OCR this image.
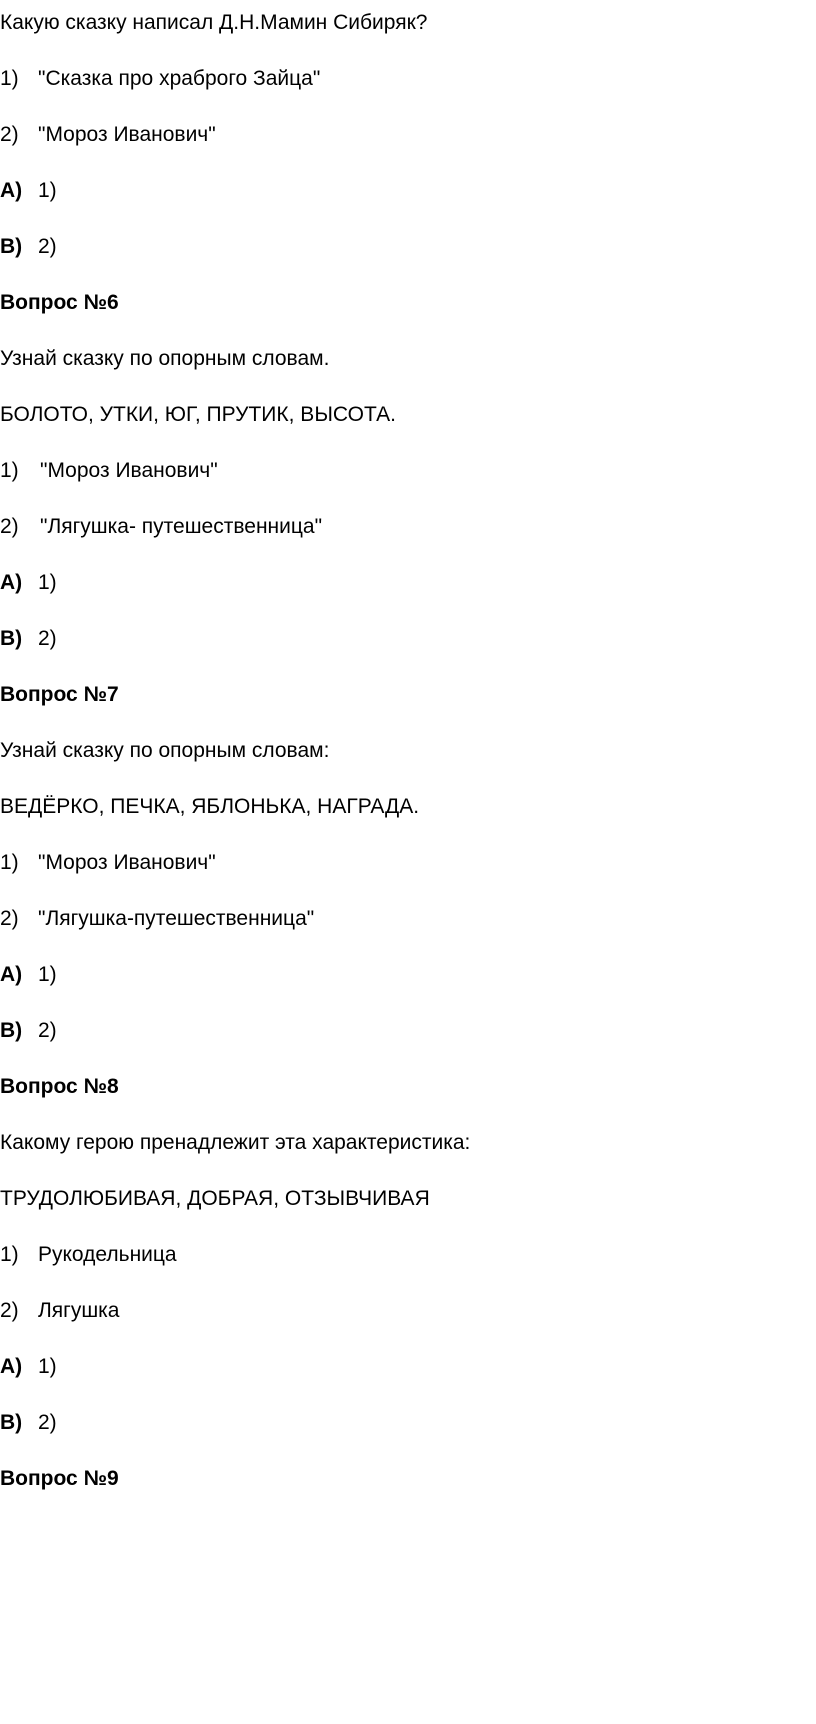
Какую сказку написал Д.Н.Мамин Сибиряк?
1) "Сказка про храброго Зайца"
2) "Мороз Иванович"
А) 1)
В) 2)
Вопрос №6
Узнай сказку по опорным словам.
БОЛОТО, УТКИ, ЮГ, ПРУТИК, ВЫСОТА.
1) "Мороз Иванович"
2) "Лягушка- путешественница"
А) 1)
В) 2)
Вопрос №7
Узнай сказку по опорным словам:
ВЕДЁРКО, ПЕЧКА, ЯБЛОНЬКА, НАГРАДА.
1) "Мороз Иванович"
2) "Лягушка-путешественница"
А) 1)
В) 2)
Вопрос №8
Какому герою пренадлежит эта характеристика:
ТРУДОЛЮБИВАЯ, ДОБРАЯ, ОТЗЫВЧИВАЯ
1) Рукодельница
2) Лягушка
А) 1)
В) 2)
Вопрос №9
